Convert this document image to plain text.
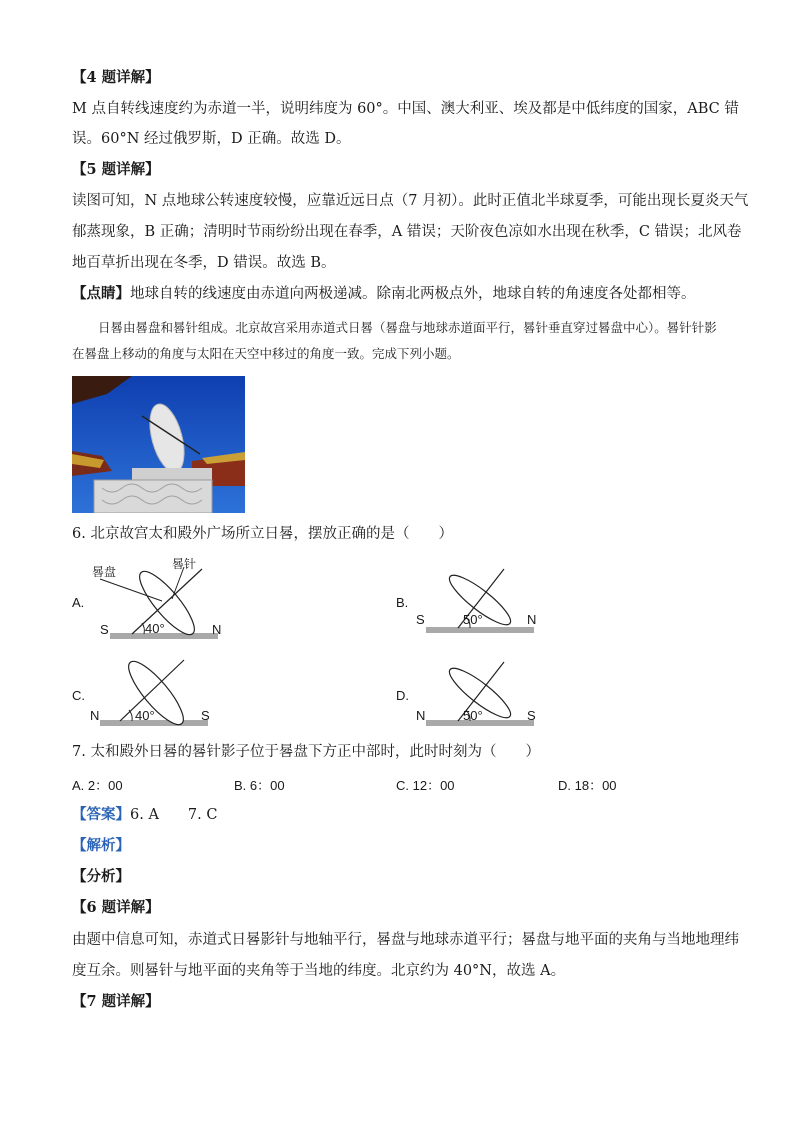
【4 题详解】
M 点自转线速度约为赤道一半，说明纬度为 60°。中国、澳大利亚、埃及都是中低纬度的国家，ABC 错
误。60°N 经过俄罗斯，D 正确。故选 D。
【5 题详解】
读图可知，N 点地球公转速度较慢，应靠近远日点（7 月初）。此时正值北半球夏季，可能出现长夏炎天气
郁蒸现象，B 正确；清明时节雨纷纷出现在春季，A 错误；天阶夜色凉如水出现在秋季，C 错误；北风卷
地百草折出现在冬季，D 错误。故选 B。
【点睛】地球自转的线速度由赤道向两极递减。除南北两极点外，地球自转的角速度各处都相等。
日晷由晷盘和晷针组成。北京故宫采用赤道式日晷（晷盘与地球赤道面平行，晷针垂直穿过晷盘中心）。晷针针影在晷盘上移动的角度与太阳在天空中移过的角度一致。完成下列小题。
6. 北京故宫太和殿外广场所立日晷，摆放正确的是（　　）
A.
S	N
40°
晷盘
晷针
B.
S	N
50°
C.
N	S
40°
D.
N	S
50°
7. 太和殿外日晷的晷针影子位于晷盘下方正中部时，此时时刻为（　　）
A. 2：00	B. 6：00	C. 12：00	D. 18：00
【答案】6. A　　7. C
【解析】
【分析】
【6 题详解】
由题中信息可知，赤道式日晷影针与地轴平行，晷盘与地球赤道平行；晷盘与地平面的夹角与当地地理纬
度互余。则晷针与地平面的夹角等于当地的纬度。北京约为 40°N，故选 A。
【7 题详解】
